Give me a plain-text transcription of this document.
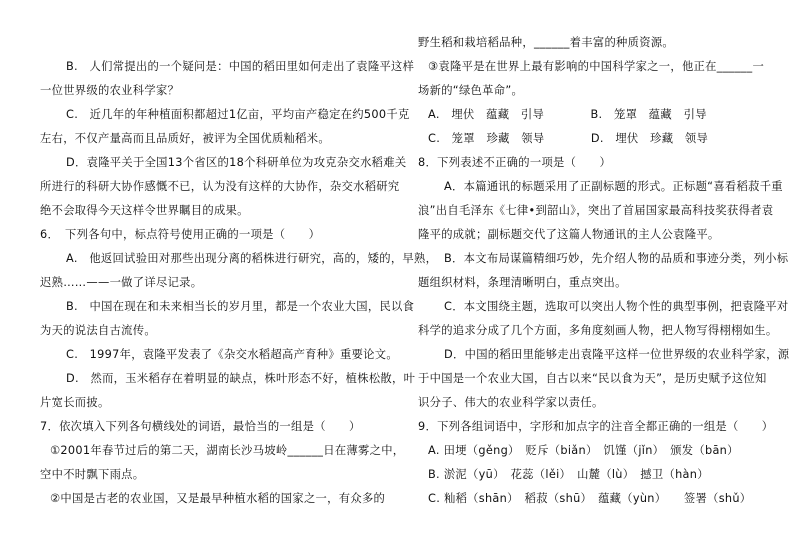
B.　人们常提出的一个疑问是：中国的稻田里如何走出了袁隆平这样
一位世界级的农业科学家？
C.　近几年的年种植面积都超过1亿亩，平均亩产稳定在约500千克
左右，不仅产量高而且品质好，被评为全国优质籼稻米。
D．袁隆平关于全国13个省区的18个科研单位为攻克杂交水稻难关
所进行的科研大协作感慨不已，认为没有这样的大协作，杂交水稻研究
绝不会取得今天这样令世界瞩目的成果。
6．　下列各句中，标点符号使用正确的一项是（　　）
A.　他返回试验田对那些出现分离的稻株进行研究，高的，矮的，早熟，
迟熟……——一做了详尽记录。
B.　中国在现在和未来相当长的岁月里，都是一个农业大国，民以食
为天的说法自古流传。
C.　1997年，袁隆平发表了《杂交水稻超高产育种》重要论文。
D.　然而，玉米稻存在着明显的缺点，株叶形态不好，植株松散，叶
片宽长而披。
7．依次填入下列各句横线处的词语，最恰当的一组是（　　）
①2001年春节过后的第二天，湖南长沙马坡岭______日在薄雾之中，
空中不时飘下雨点。
②中国是古老的农业国，又是最早种植水稻的国家之一，有众多的
野生稻和栽培稻品种，______着丰富的种质资源。
③袁隆平是在世界上最有影响的中国科学家之一，他正在______一
场新的“绿色革命”。
A.　埋伏　蕴藏　引导　　　　B.　笼罩　蕴藏　引导
C.　笼罩　珍藏　领导　　　　D.　埋伏　珍藏　领导
8．下列表述不正确的一项是（　　）
A．本篇通讯的标题采用了正副标题的形式。正标题“喜看稻菽千重
浪”出自毛泽东《七律•到韶山》，突出了首届国家最高科技奖获得者袁
隆平的成就；副标题交代了这篇人物通讯的主人公袁隆平。
B．本文布局谋篇精细巧妙，先介绍人物的品质和事迹分类，列小标
题组织材料，条理清晰明白，重点突出。
C．本文围绕主题，选取可以突出人物个性的典型事例，把袁隆平对
科学的追求分成了几个方面，多角度刻画人物，把人物写得栩栩如生。
D．中国的稻田里能够走出袁隆平这样一位世界级的农业科学家，源
于中国是一个农业大国，自古以来“民以食为天”，是历史赋予这位知
识分子、伟大的农业科学家以责任。
9．下列各组词语中，字形和加点字的注音全都正确的一组是（　　）
A. 田埂（gěng）　贬斥（biǎn）　饥馑（jǐn）　颁发（bān）
B. 淤泥（yū）　花蕊（lěi）　山麓（lù）　撼卫（hàn）
C. 籼稻（shān）　稻菽（shū）　蕴藏（yùn）　　签署（shǔ）
